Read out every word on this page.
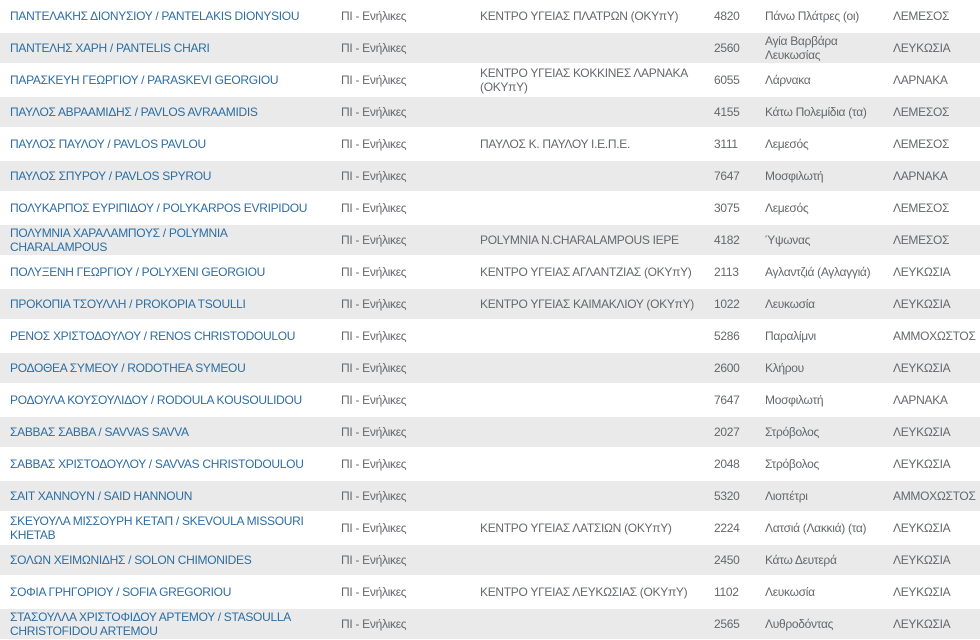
ΠΑΝΤΕΛΑΚΗΣ ΔΙΟΝΥΣΙΟΥ / PANTELAKIS DIONYSIOU	ΠΙ - Ενήλικες	ΚΕΝΤΡΟ ΥΓΕΙΑΣ ΠΛΑΤΡΩΝ (ΟΚΥπΥ)	4820	Πάνω Πλάτρες (οι)	ΛΕΜΕΣΟΣ
ΠΑΝΤΕΛΗΣ ΧΑΡΗ / PANTELIS CHARI	ΠΙ - Ενήλικες		2560	Αγία Βαρβάρα Λευκωσίας	ΛΕΥΚΩΣΙΑ
ΠΑΡΑΣΚΕΥΗ ΓΕΩΡΓΙΟΥ / PARASKEVI GEORGIOU	ΠΙ - Ενήλικες	ΚΕΝΤΡΟ ΥΓΕΙΑΣ ΚΟΚΚΙΝΕΣ ΛΑΡΝΑΚΑ (ΟΚΥπΥ)	6055	Λάρνακα	ΛΑΡΝΑΚΑ
ΠΑΥΛΟΣ ΑΒΡΑΑΜΙΔΗΣ / PAVLOS AVRAAMIDIS	ΠΙ - Ενήλικες		4155	Κάτω Πολεμίδια (τα)	ΛΕΜΕΣΟΣ
ΠΑΥΛΟΣ ΠΑΥΛΟΥ / PAVLOS PAVLOU	ΠΙ - Ενήλικες	ΠΑΥΛΟΣ Κ. ΠΑΥΛΟΥ Ι.Ε.Π.Ε.	3111	Λεμεσός	ΛΕΜΕΣΟΣ
ΠΑΥΛΟΣ ΣΠΥΡΟΥ / PAVLOS SPYROU	ΠΙ - Ενήλικες		7647	Μοσφιλωτή	ΛΑΡΝΑΚΑ
ΠΟΛΥΚΑΡΠΟΣ ΕΥΡΙΠΙΔΟΥ / POLYKARPOS EVRIPIDOU	ΠΙ - Ενήλικες		3075	Λεμεσός	ΛΕΜΕΣΟΣ
ΠΟΛΥΜΝΙΑ ΧΑΡΑΛΑΜΠΟΥΣ / POLYMNIA CHARALAMPOUS	ΠΙ - Ενήλικες	POLYMNIA N.CHARALAMPOUS IEPE	4182	Ύψωνας	ΛΕΜΕΣΟΣ
ΠΟΛΥΞΕΝΗ ΓΕΩΡΓΙΟΥ / POLYXENI GEORGIOU	ΠΙ - Ενήλικες	ΚΕΝΤΡΟ ΥΓΕΙΑΣ ΑΓΛΑΝΤΖΙΑΣ (ΟΚΥπΥ)	2113	Αγλαντζιά (Αγλαγγιά)	ΛΕΥΚΩΣΙΑ
ΠΡΟΚΟΠΙΑ ΤΣΟΥΛΛΗ / PROKOPIA TSOULLI	ΠΙ - Ενήλικες	ΚΕΝΤΡΟ ΥΓΕΙΑΣ ΚΑΙΜΑΚΛΙΟΥ (ΟΚΥπΥ)	1022	Λευκωσία	ΛΕΥΚΩΣΙΑ
ΡΕΝΟΣ ΧΡΙΣΤΟΔΟΥΛΟΥ / RENOS CHRISTODOULOU	ΠΙ - Ενήλικες		5286	Παραλίμνι	ΑΜΜΟΧΩΣΤΟΣ
ΡΟΔΟΘΕΑ ΣΥΜΕΟΥ / RODOTHEA SYMEOU	ΠΙ - Ενήλικες		2600	Κλήρου	ΛΕΥΚΩΣΙΑ
ΡΟΔΟΥΛΑ ΚΟΥΣΟΥΛΙΔΟΥ / RODOULA KOUSOULIDOU	ΠΙ - Ενήλικες		7647	Μοσφιλωτή	ΛΑΡΝΑΚΑ
ΣΑΒΒΑΣ ΣΑΒΒΑ / SAVVAS SAVVA	ΠΙ - Ενήλικες		2027	Στρόβολος	ΛΕΥΚΩΣΙΑ
ΣΑΒΒΑΣ ΧΡΙΣΤΟΔΟΥΛΟΥ / SAVVAS CHRISTODOULOU	ΠΙ - Ενήλικες		2048	Στρόβολος	ΛΕΥΚΩΣΙΑ
ΣΑΙΤ ΧΑΝΝΟΥΝ / SAID HANNOUN	ΠΙ - Ενήλικες		5320	Λιοπέτρι	ΑΜΜΟΧΩΣΤΟΣ
ΣΚΕΥΟΥΛΑ ΜΙΣΣΟΥΡΗ ΚΕΤΑΠ / SKEVOULA MISSOURI KHETAB	ΠΙ - Ενήλικες	ΚΕΝΤΡΟ ΥΓΕΙΑΣ ΛΑΤΣΙΩΝ (ΟΚΥπΥ)	2224	Λατσιά (Λακκιά) (τα)	ΛΕΥΚΩΣΙΑ
ΣΟΛΩΝ ΧΕΙΜΩΝΙΔΗΣ / SOLON CHIMONIDES	ΠΙ - Ενήλικες		2450	Κάτω Δευτερά	ΛΕΥΚΩΣΙΑ
ΣΟΦΙΑ ΓΡΗΓΟΡΙΟΥ / SOFIA GREGORIOU	ΠΙ - Ενήλικες	ΚΕΝΤΡΟ ΥΓΕΙΑΣ ΛΕΥΚΩΣΙΑΣ (ΟΚΥπΥ)	1102	Λευκωσία	ΛΕΥΚΩΣΙΑ
ΣΤΑΣΟΥΛΛΑ ΧΡΙΣΤΟΦΙΔΟΥ ΑΡΤΕΜΟΥ / STASOULLA CHRISTOFIDOU ARTEMOU	ΠΙ - Ενήλικες		2565	Λυθροδόντας	ΛΕΥΚΩΣΙΑ
